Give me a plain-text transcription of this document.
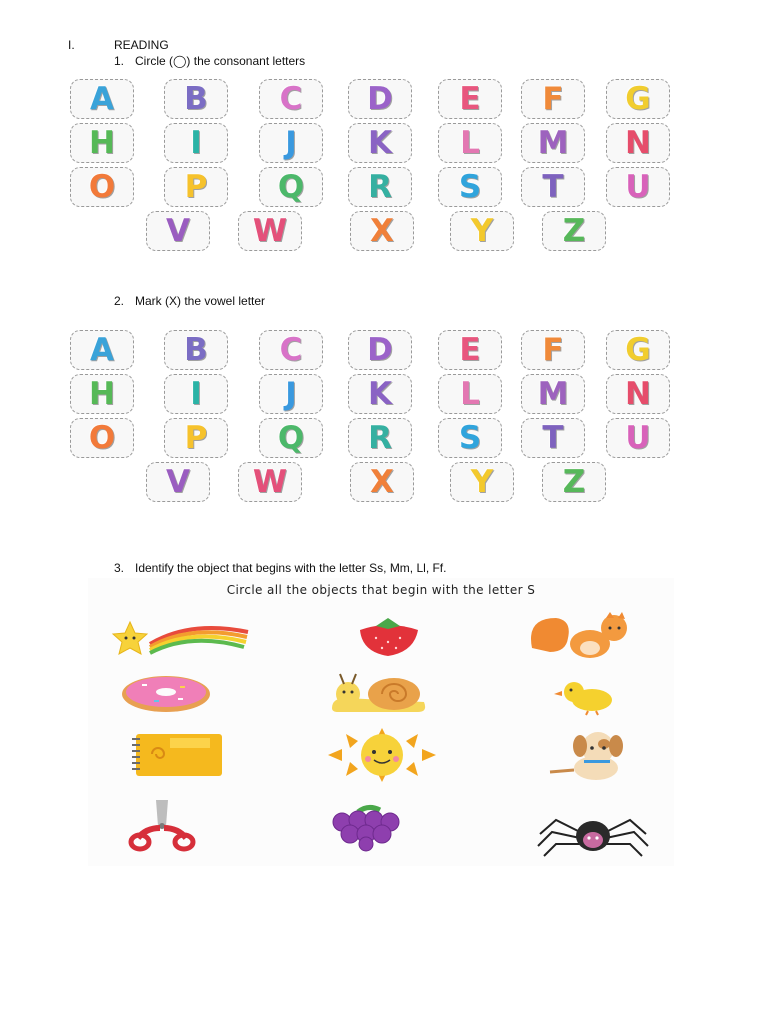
I.	READING
1. Circle (◯) the consonant letters
A B C D E F G
H I	J K L M N
O P Q R S T U
V W	X Y Z
2. Mark (X) the vowel letter
A B C D E F G
H I	J K L M N
O P Q R S T U
V W	X Y Z
3. Identify the object that begins with the letter Ss, Mm, Ll, Ff.
Circle all the objects that begin with the letter S
